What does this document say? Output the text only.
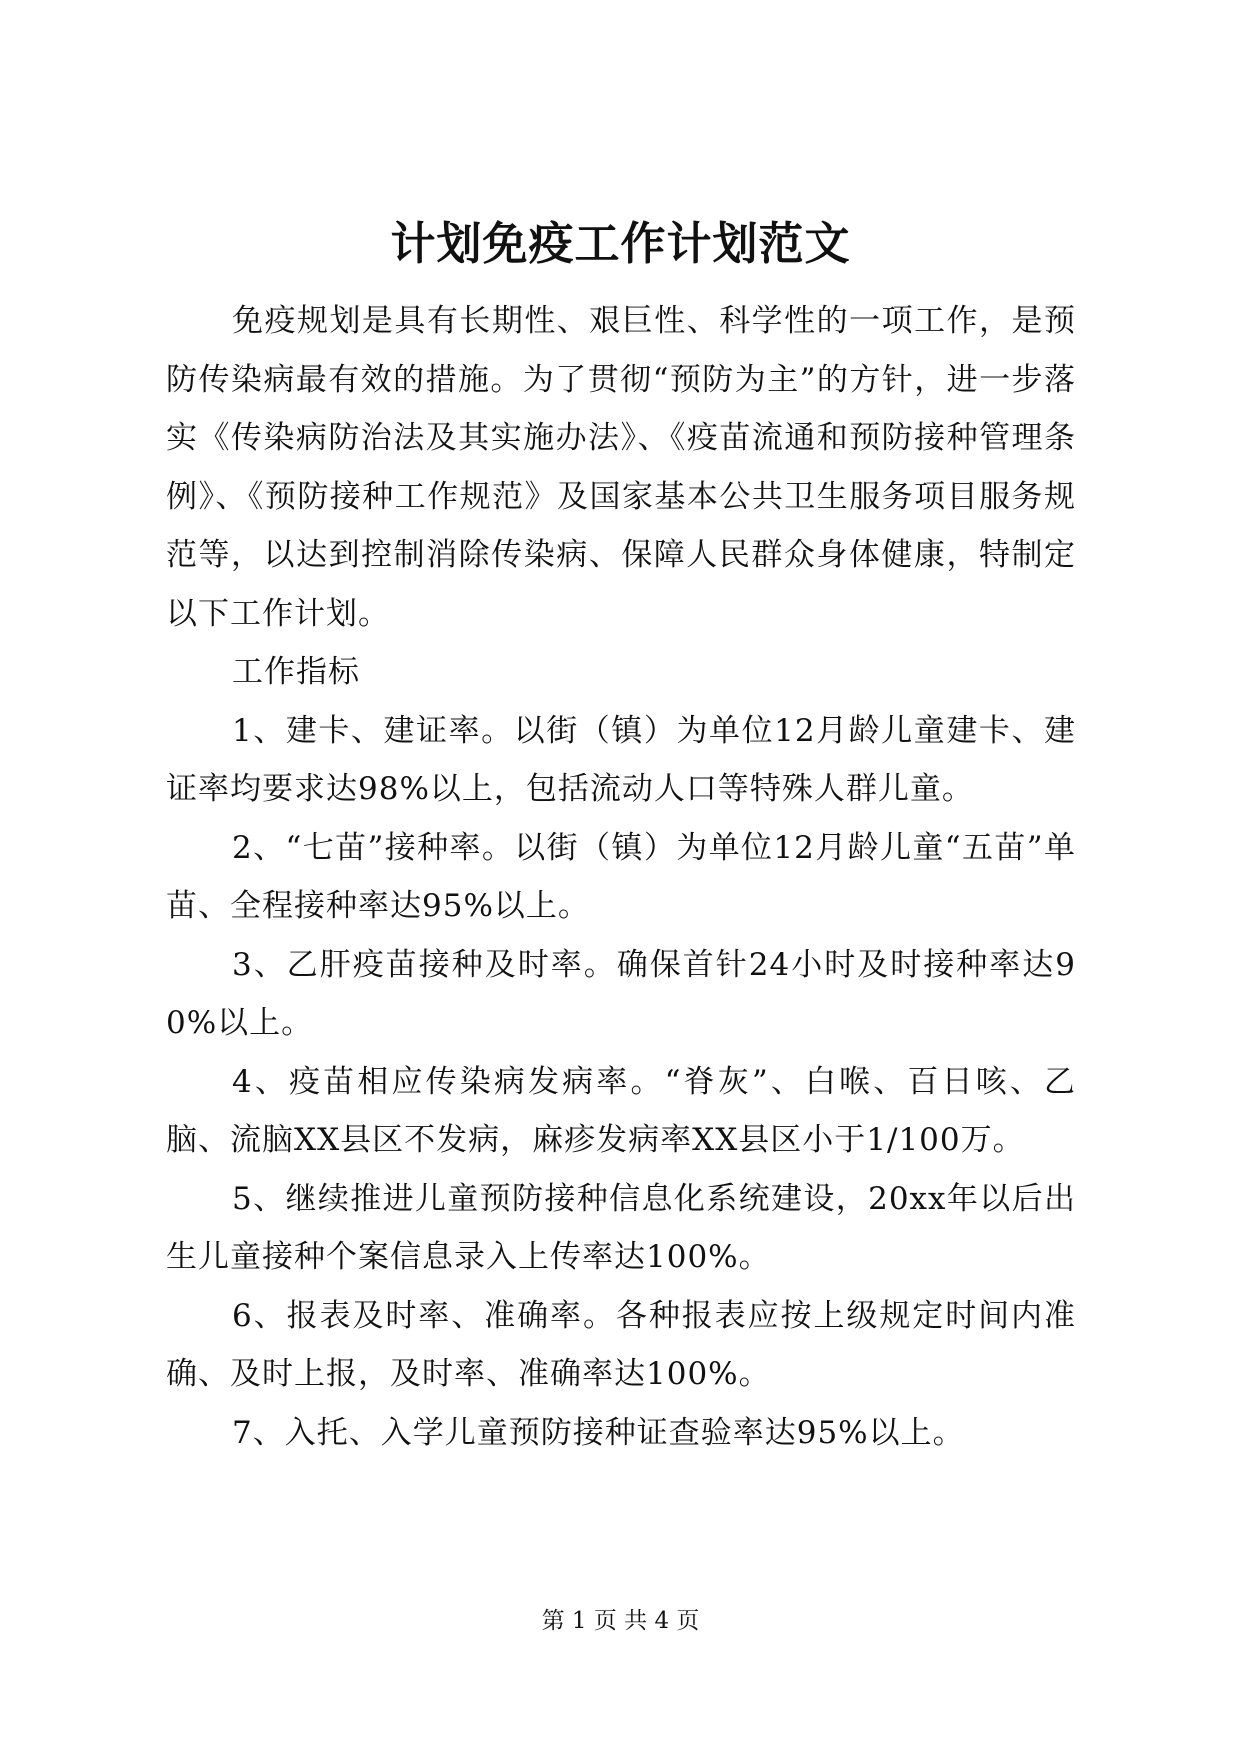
计划免疫工作计划范文

免疫规划是具有长期性、艰巨性、科学性的一项工作，是预防传染病最有效的措施。为了贯彻“预防为主”的方针，进一步落实《传染病防治法及其实施办法》、《疫苗流通和预防接种管理条例》、《预防接种工作规范》及国家基本公共卫生服务项目服务规范等，以达到控制消除传染病、保障人民群众身体健康，特制定以下工作计划。

工作指标

1、建卡、建证率。以街（镇）为单位12月龄儿童建卡、建证率均要求达98%以上，包括流动人口等特殊人群儿童。

2、“七苗”接种率。以街（镇）为单位12月龄儿童“五苗”单苗、全程接种率达95%以上。

3、乙肝疫苗接种及时率。确保首针24小时及时接种率达90%以上。

4、疫苗相应传染病发病率。“脊灰”、白喉、百日咳、乙脑、流脑XX县区不发病，麻疹发病率XX县区小于1/100万。

5、继续推进儿童预防接种信息化系统建设，20xx年以后出生儿童接种个案信息录入上传率达100%。

6、报表及时率、准确率。各种报表应按上级规定时间内准确、及时上报，及时率、准确率达100%。

7、入托、入学儿童预防接种证查验率达95%以上。

第 1 页 共 4 页
